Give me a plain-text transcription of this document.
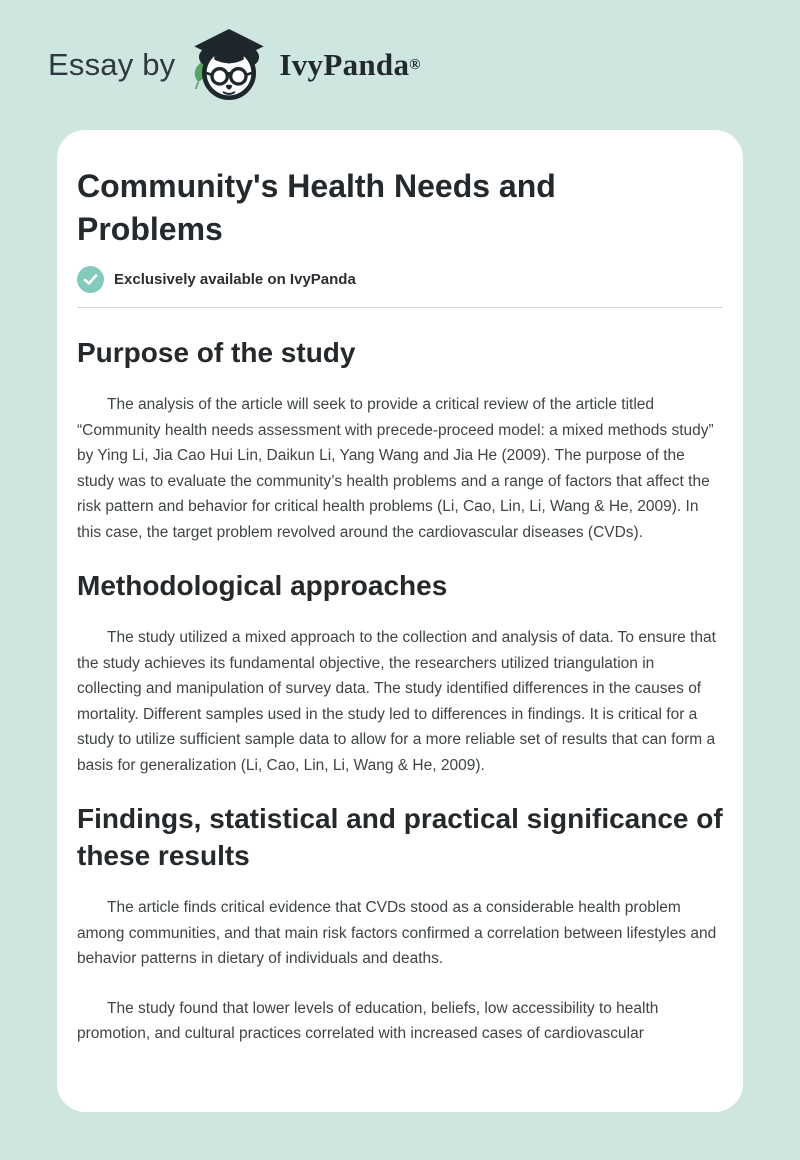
Essay by	IvyPanda ®
Community's Health Needs and Problems
Exclusively available on IvyPanda
Purpose of the study

The analysis of the article will seek to provide a critical review of the article titled “Community health needs assessment with precede-proceed model: a mixed methods study” by Ying Li, Jia Cao Hui Lin, Daikun Li, Yang Wang and Jia He (2009). The purpose of the study was to evaluate the community’s health problems and a range of factors that affect the risk pattern and behavior for critical health problems (Li, Cao, Lin, Li, Wang & He, 2009). In this case, the target problem revolved around the cardiovascular diseases (CVDs).

Methodological approaches

The study utilized a mixed approach to the collection and analysis of data. To ensure that the study achieves its fundamental objective, the researchers utilized triangulation in collecting and manipulation of survey data. The study identified differences in the causes of mortality. Different samples used in the study led to differences in findings. It is critical for a study to utilize sufficient sample data to allow for a more reliable set of results that can form a basis for generalization (Li, Cao, Lin, Li, Wang & He, 2009).

Findings, statistical and practical significance of these results

The article finds critical evidence that CVDs stood as a considerable health problem among communities, and that main risk factors confirmed a correlation between lifestyles and behavior patterns in dietary of individuals and deaths.

The study found that lower levels of education, beliefs, low accessibility to health promotion, and cultural practices correlated with increased cases of cardiovascular
